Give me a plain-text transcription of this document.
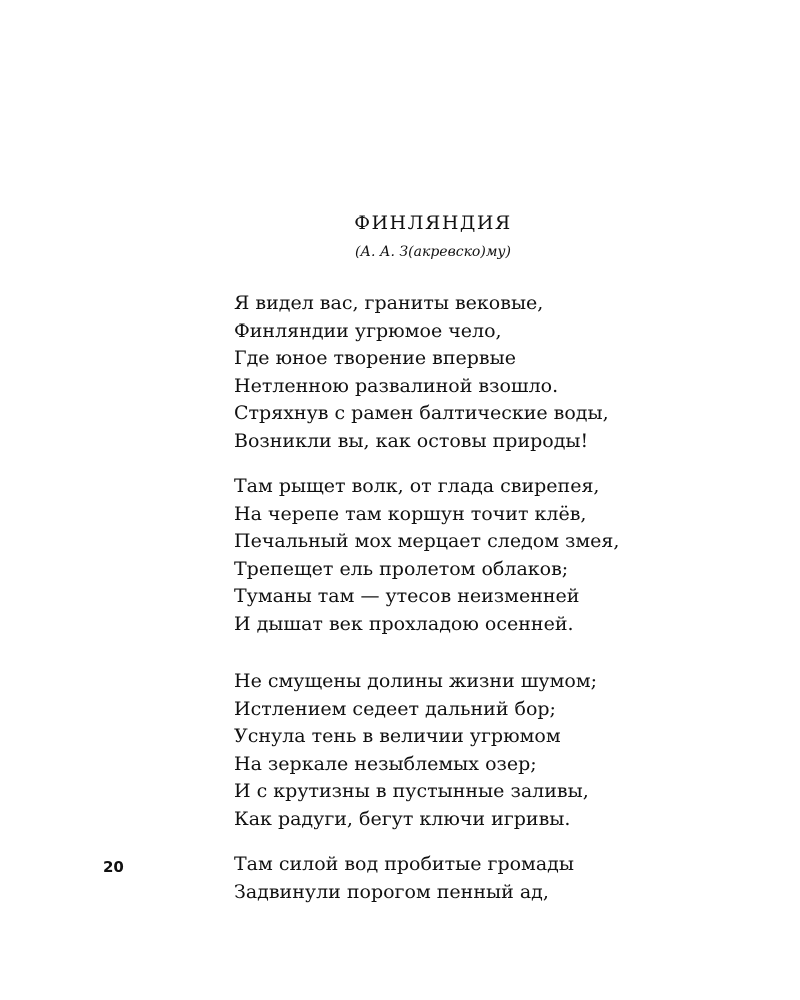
ФИНЛЯНДИЯ
(А. А. З(акревско)му)
Я видел вас, граниты вековые,
Финляндии угрюмое чело,
Где юное творение впервые
Нетленною развалиной взошло.
Стряхнув с рамен балтические воды,
Возникли вы, как остовы природы!
Там рыщет волк, от глада свирепея,
На черепе там коршун точит клёв,
Печальный мох мерцает следом змея,
Трепещет ель пролетом облаков;
Туманы там — утесов неизменней
И дышат век прохладою осенней.
Не смущены долины жизни шумом;
Истлением седеет дальний бор;
Уснула тень в величии угрюмом
На зеркале незыблемых озер;
И с крутизны в пустынные заливы,
Как радуги, бегут ключи игривы.
Там силой вод пробитые громады
Задвинули порогом пенный ад,
20
